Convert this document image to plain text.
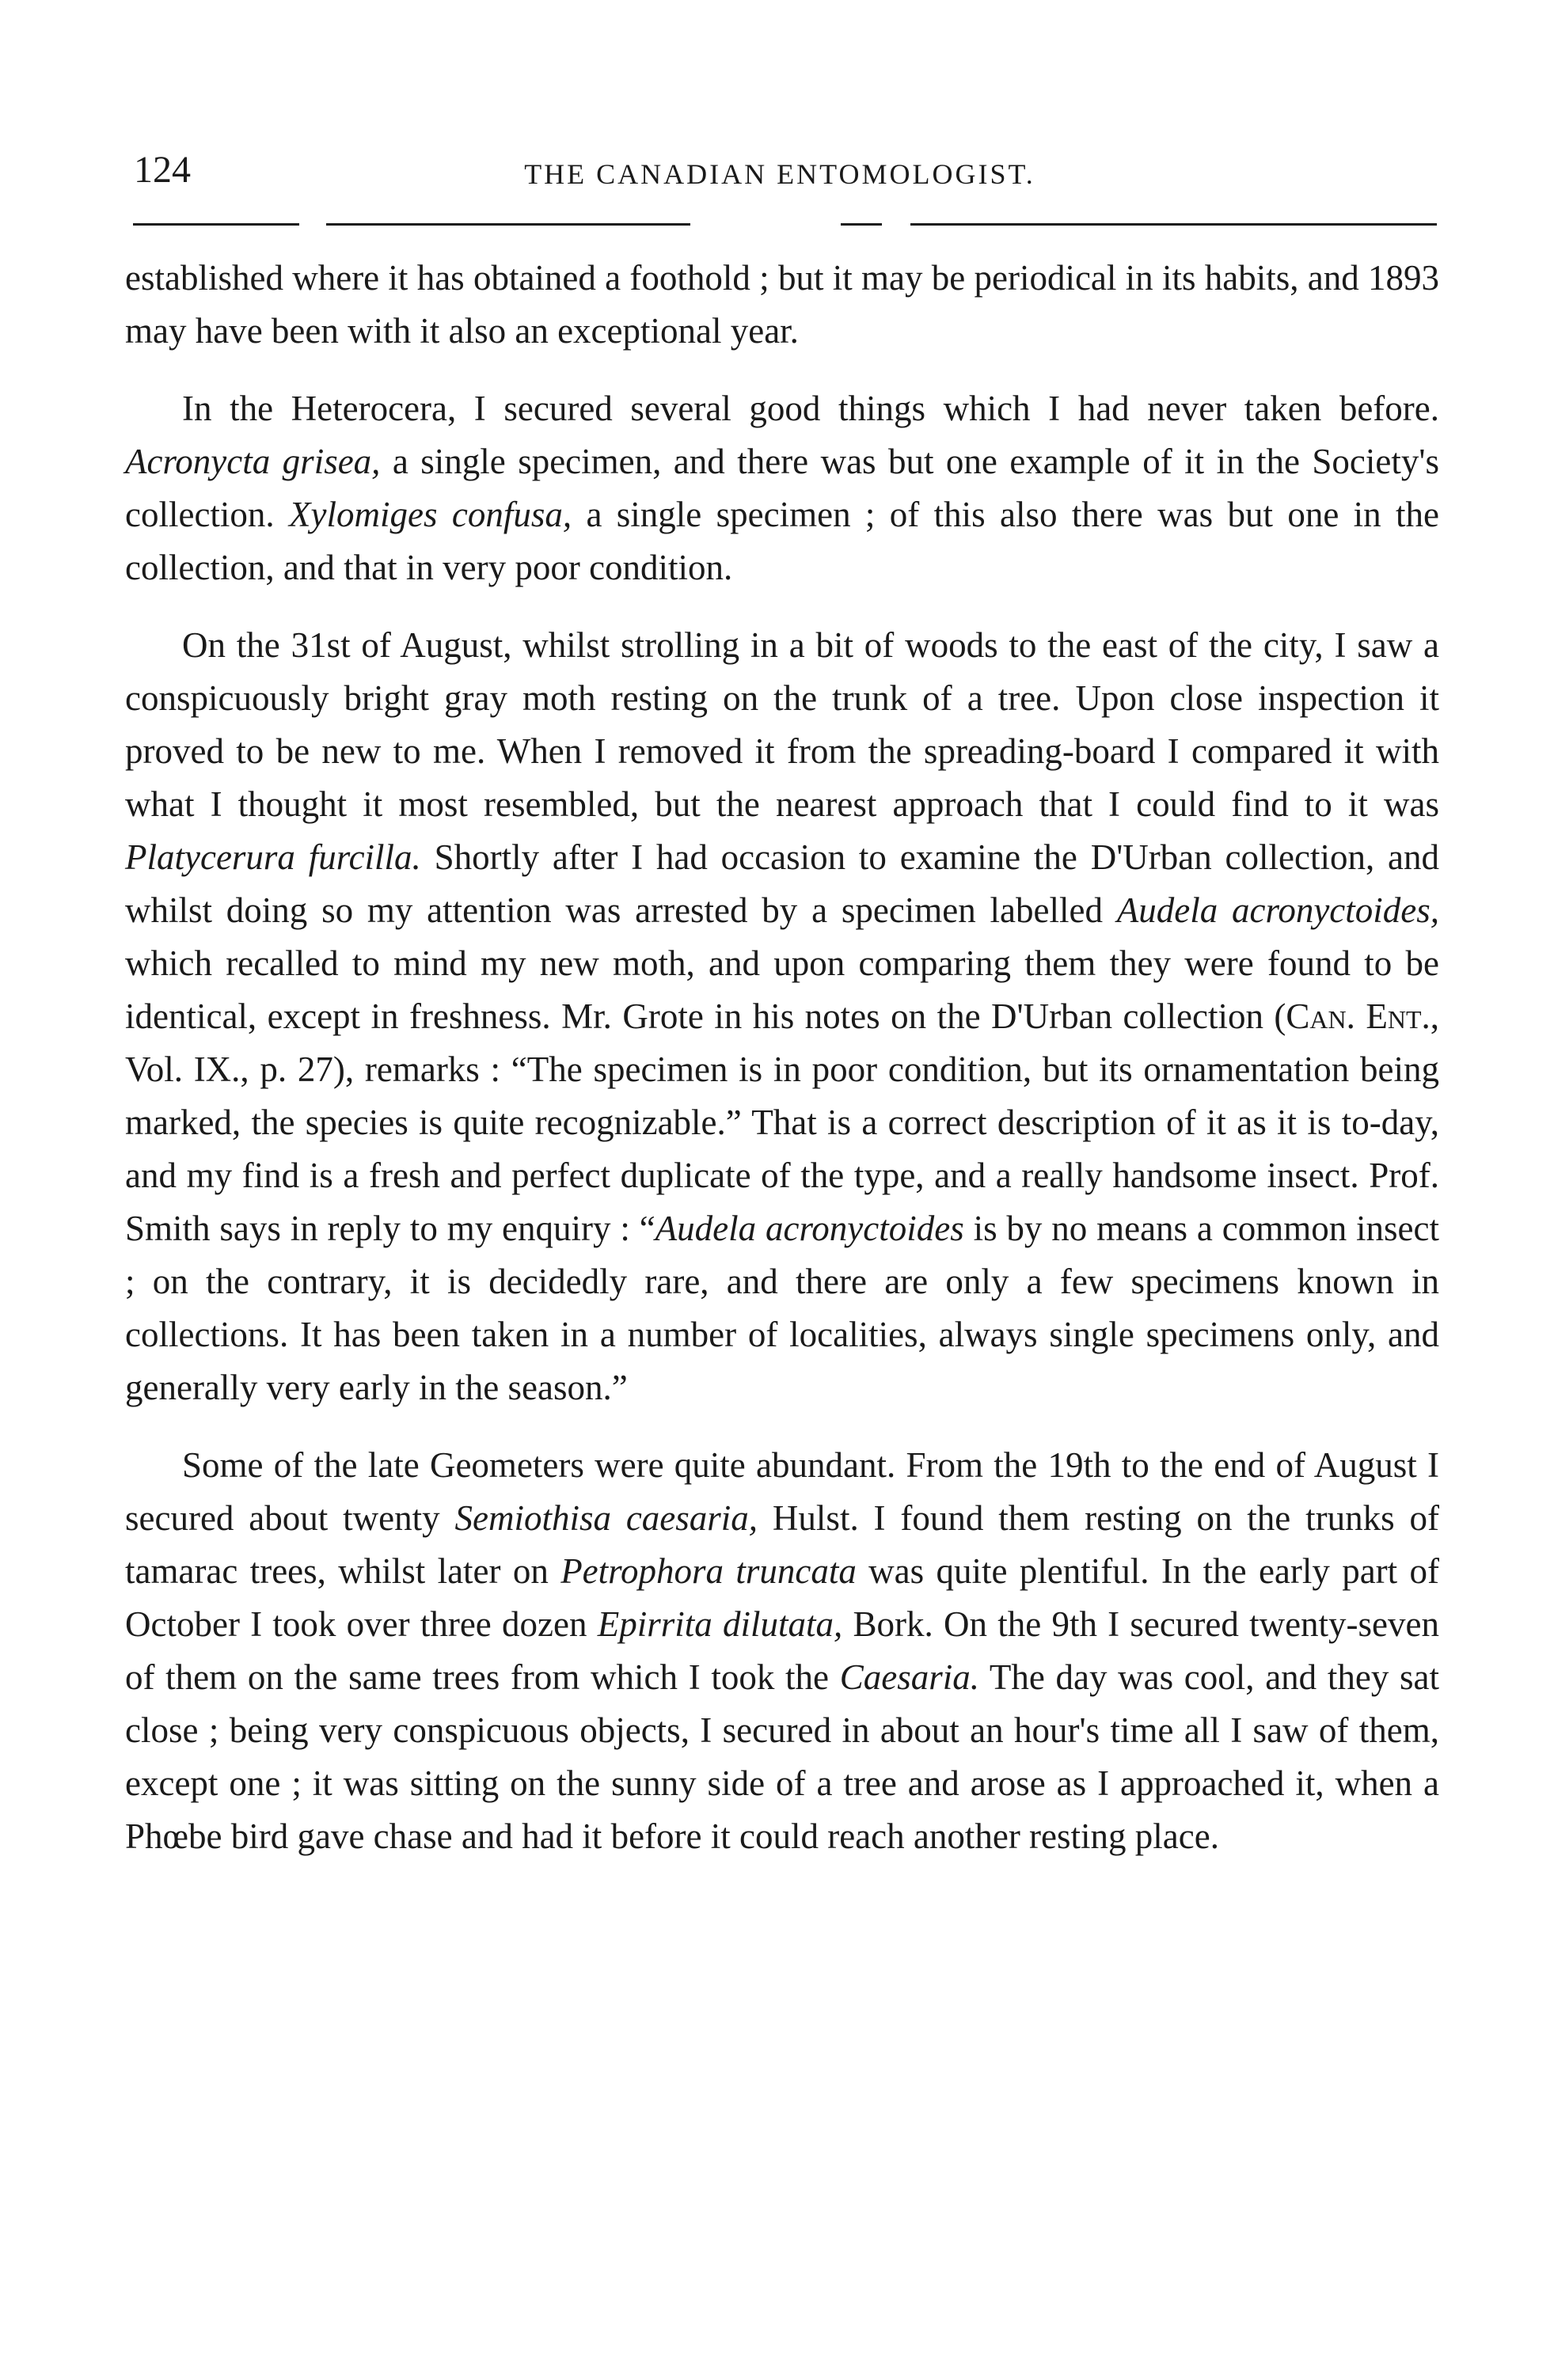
124	THE CANADIAN ENTOMOLOGIST.

established where it has obtained a foothold ; but it may be periodical in its habits, and 1893 may have been with it also an exceptional year.

In the Heterocera, I secured several good things which I had never taken before. Acronycta grisea, a single specimen, and there was but one example of it in the Society's collection. Xylomiges confusa, a single specimen ; of this also there was but one in the collection, and that in very poor condition.

On the 31st of August, whilst strolling in a bit of woods to the east of the city, I saw a conspicuously bright gray moth resting on the trunk of a tree. Upon close inspection it proved to be new to me. When I removed it from the spreading-board I compared it with what I thought it most resembled, but the nearest approach that I could find to it was Platycerura furcilla. Shortly after I had occasion to examine the D'Urban collection, and whilst doing so my attention was arrested by a specimen labelled Audela acronyctoides, which recalled to mind my new moth, and upon comparing them they were found to be identical, except in freshness. Mr. Grote in his notes on the D'Urban collection (Can. Ent., Vol. IX., p. 27), remarks : “The specimen is in poor condition, but its ornamentation being marked, the species is quite recognizable.” That is a correct description of it as it is to-day, and my find is a fresh and perfect duplicate of the type, and a really handsome insect. Prof. Smith says in reply to my enquiry : “Audela acronyctoides is by no means a common insect ; on the contrary, it is decidedly rare, and there are only a few specimens known in collections. It has been taken in a number of localities, always single specimens only, and generally very early in the season.”

Some of the late Geometers were quite abundant. From the 19th to the end of August I secured about twenty Semiothisa caesaria, Hulst. I found them resting on the trunks of tamarac trees, whilst later on Petrophora truncata was quite plentiful. In the early part of October I took over three dozen Epirrita dilutata, Bork. On the 9th I secured twenty-seven of them on the same trees from which I took the Caesaria. The day was cool, and they sat close ; being very conspicuous objects, I secured in about an hour's time all I saw of them, except one ; it was sitting on the sunny side of a tree and arose as I approached it, when a Phœbe bird gave chase and had it before it could reach another resting place.
